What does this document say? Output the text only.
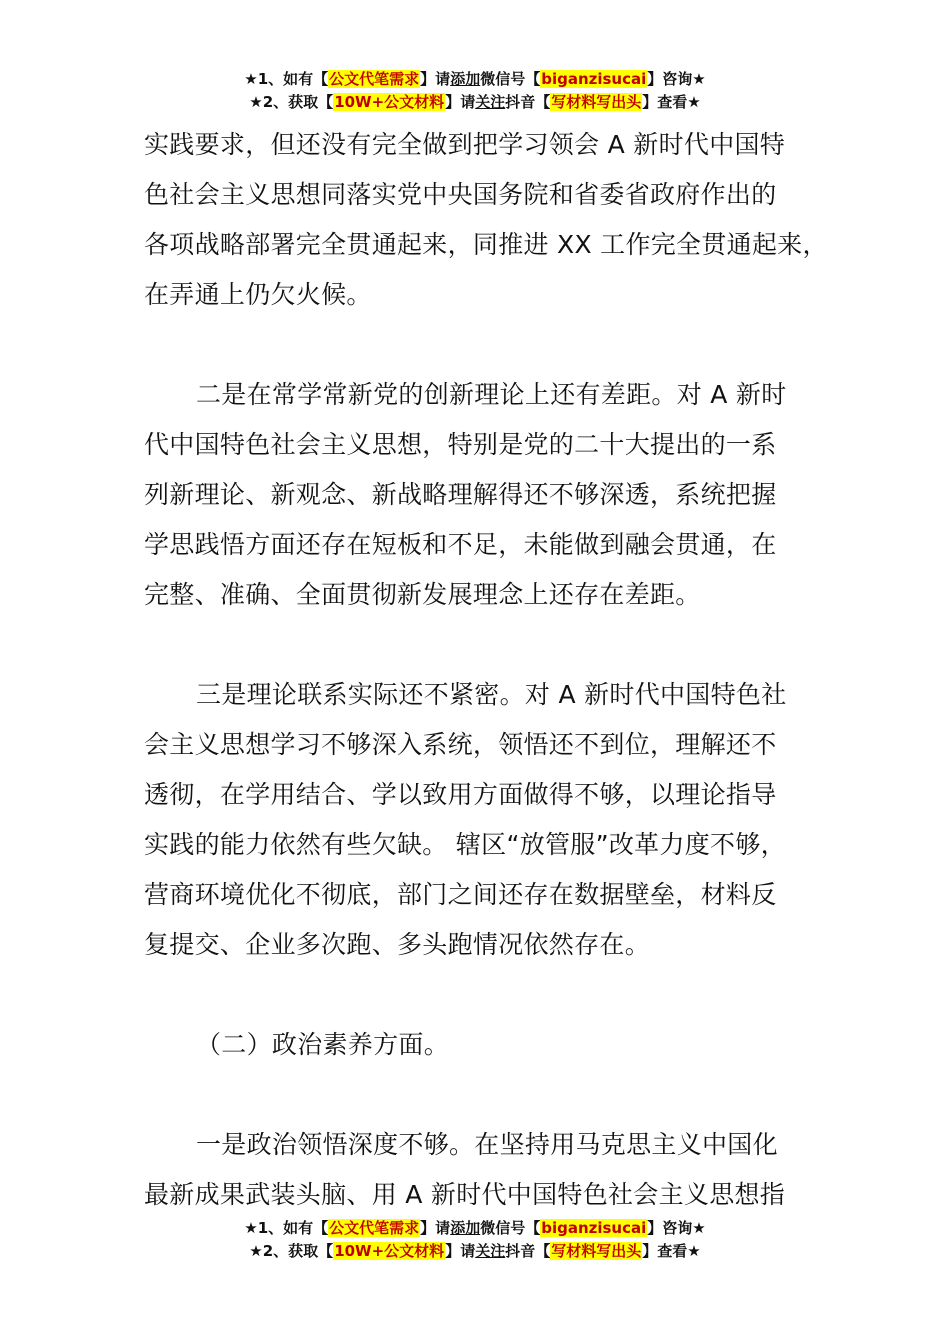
★1、如有【公文代笔需求】请添加微信号【biganzisucai】咨询★
★2、获取【10W+公文材料】请关注抖音【写材料写出头】查看★
实践要求，但还没有完全做到把学习领会 A 新时代中国特
色社会主义思想同落实党中央国务院和省委省政府作出的
各项战略部署完全贯通起来，同推进 XX 工作完全贯通起来，
在弄通上仍欠火候。
二是在常学常新党的创新理论上还有差距。对 A 新时
代中国特色社会主义思想，特别是党的二十大提出的一系
列新理论、新观念、新战略理解得还不够深透，系统把握
学思践悟方面还存在短板和不足，未能做到融会贯通，在
完整、准确、全面贯彻新发展理念上还存在差距。
三是理论联系实际还不紧密。对 A 新时代中国特色社
会主义思想学习不够深入系统，领悟还不到位，理解还不
透彻，在学用结合、学以致用方面做得不够，以理论指导
实践的能力依然有些欠缺。 辖区“放管服”改革力度不够，
营商环境优化不彻底，部门之间还存在数据壁垒，材料反
复提交、企业多次跑、多头跑情况依然存在。
（二）政治素养方面。
一是政治领悟深度不够。在坚持用马克思主义中国化
最新成果武装头脑、用 A 新时代中国特色社会主义思想指
★1、如有【公文代笔需求】请添加微信号【biganzisucai】咨询★
★2、获取【10W+公文材料】请关注抖音【写材料写出头】查看★
